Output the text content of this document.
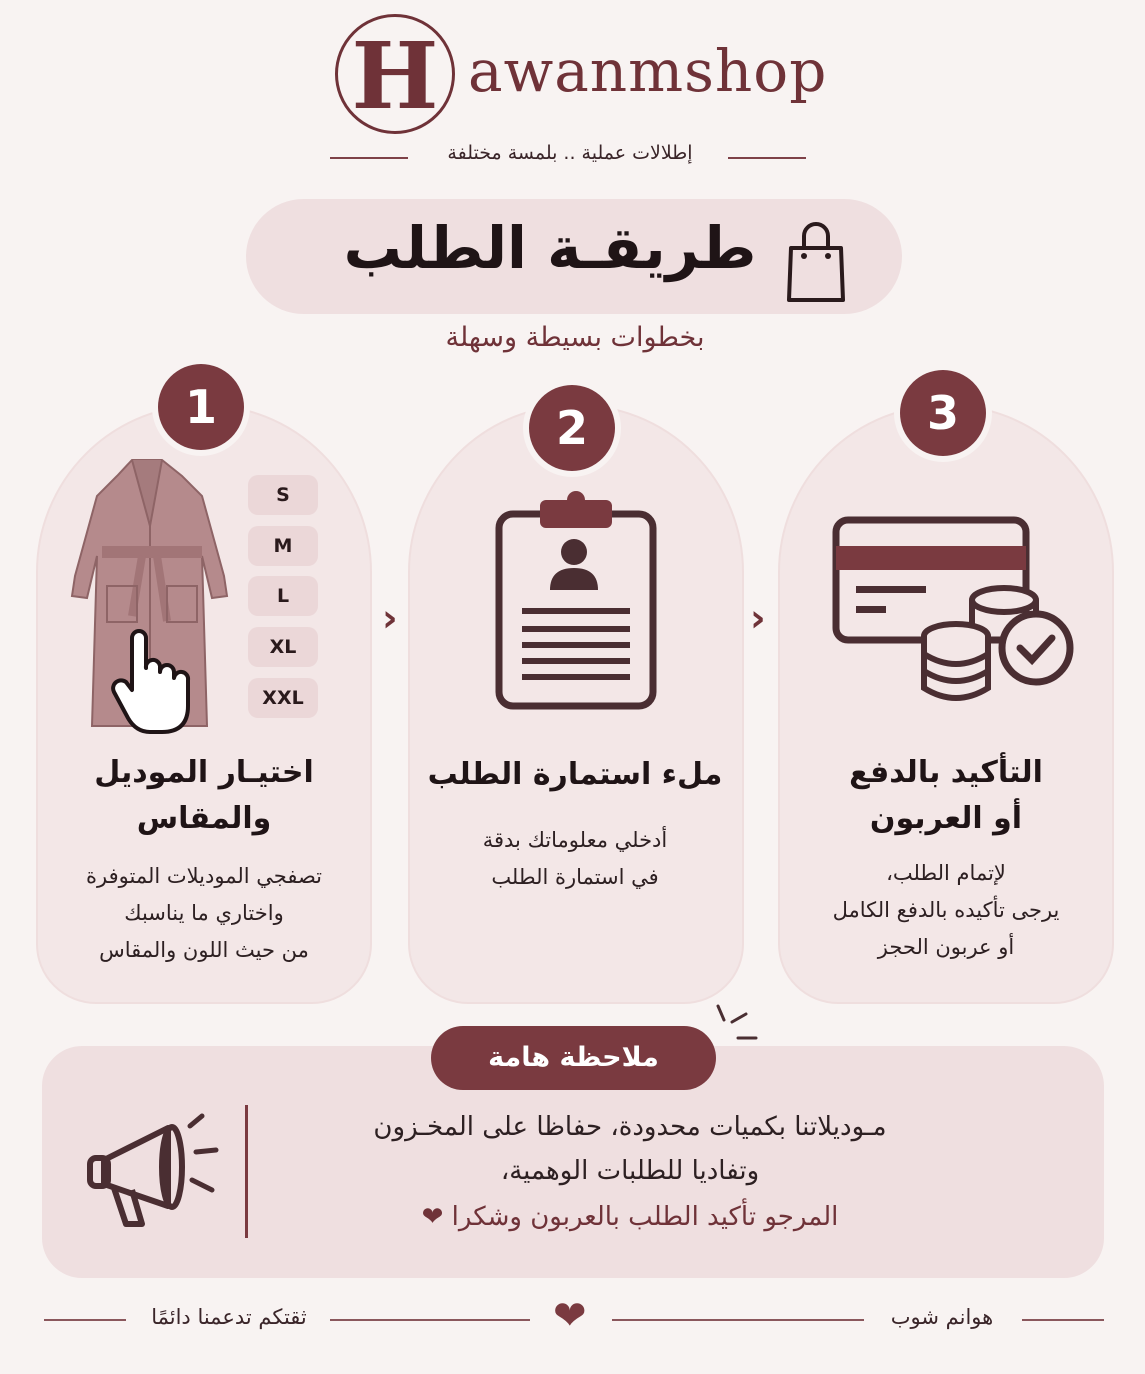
H awanmshop
إطلالات عملية .. بلمسة مختلفة
طريقـة الطلب
بخطوات بسيطة وسهلة
1
S
M
L
XL
XXL
اختيـار الموديل
والمقاس
تصفجي الموديلات المتوفرة
واختاري ما يناسبك
من حيث اللون والمقاس
›
2
ملء استمارة الطلب
أدخلي معلوماتك بدقة
في استمارة الطلب
›
3
التأكيد بالدفع
أو العربون
لإتمام الطلب،
يرجى تأكيده بالدفع الكامل
أو عربون الحجز
ملاحظة هامة
مـوديلاتنا بكميات محدودة، حفاظا على المخـزون
وتفاديا للطلبات الوهمية،
المرجو تأكيد الطلب بالعربون وشكرا ❤
ثقتكم تدعمنا دائمًا	❤	هوانم شوب
